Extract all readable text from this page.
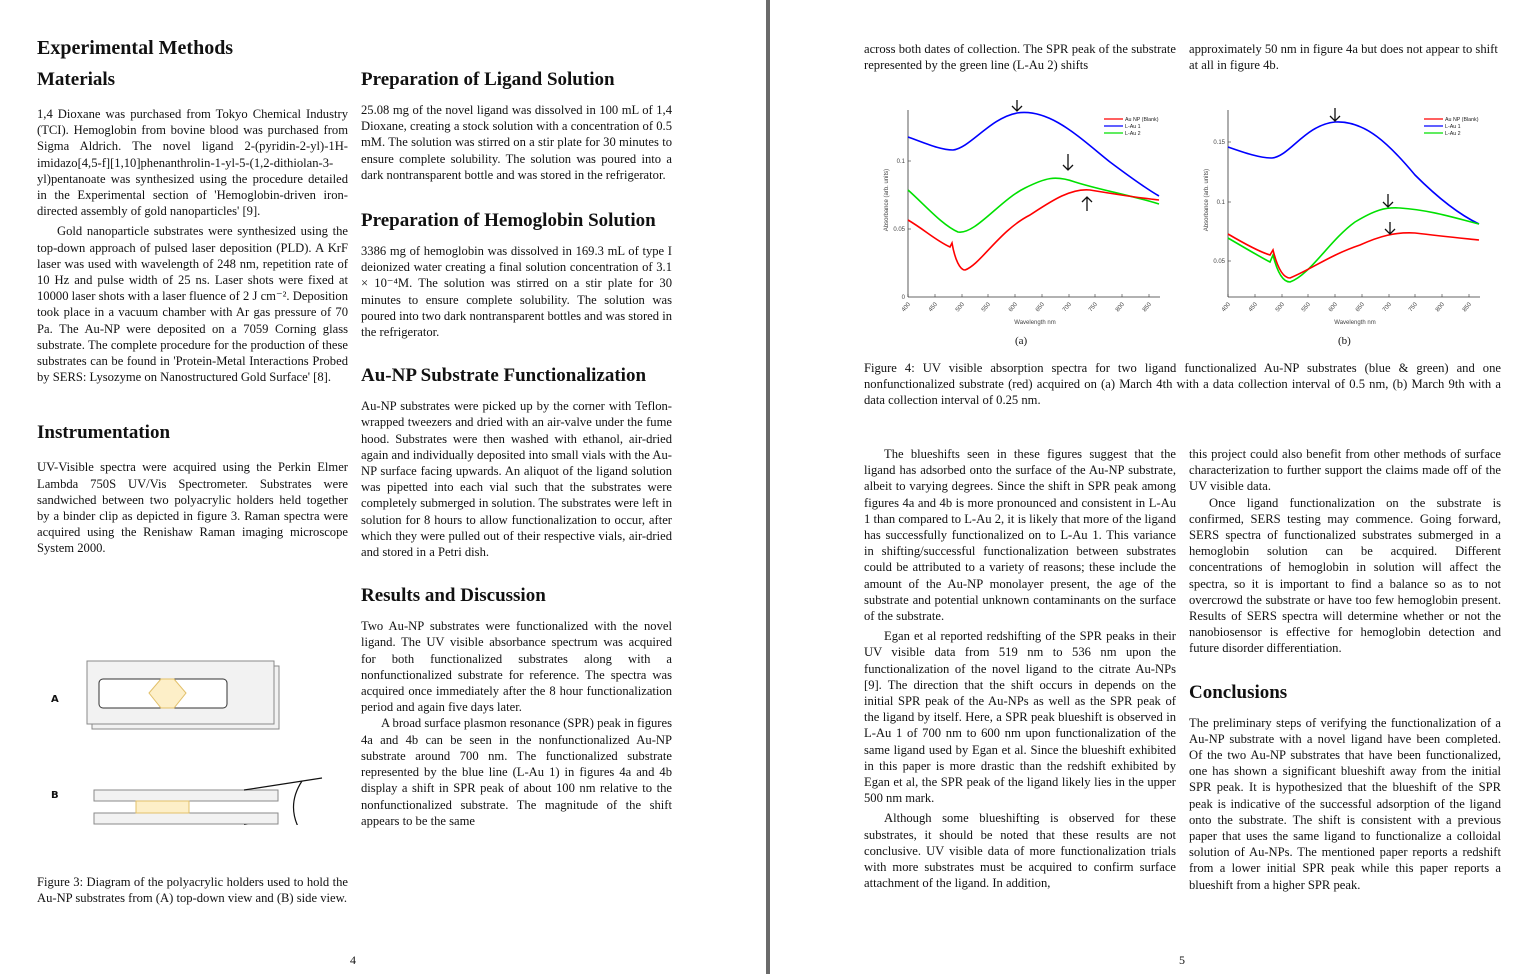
Experimental Methods
Materials

1,4 Dioxane was purchased from Tokyo Chemical Industry (TCI). Hemoglobin from bovine blood was purchased from Sigma Aldrich. The novel ligand 2-(pyridin-2-yl)-1H-imidazo[4,5-f][1,10]phenanthrolin-1-yl-5-(1,2-dithiolan-3-yl)pentanoate was synthesized using the procedure detailed in the Experimental section of 'Hemoglobin-driven iron-directed assembly of gold nanoparticles' [9].

Gold nanoparticle substrates were synthesized using the top-down approach of pulsed laser deposition (PLD). A KrF laser was used with wavelength of 248 nm, repetition rate of 10 Hz and pulse width of 25 ns. Laser shots were fixed at 10000 laser shots with a laser fluence of 2 J cm⁻². Deposition took place in a vacuum chamber with Ar gas pressure of 70 Pa. The Au-NP were deposited on a 7059 Corning glass substrate. The complete procedure for the production of these substrates can be found in 'Protein-Metal Interactions Probed by SERS: Lysozyme on Nanostructured Gold Surface' [8].

Instrumentation

UV-Visible spectra were acquired using the Perkin Elmer Lambda 750S UV/Vis Spectrometer. Substrates were sandwiched between two polyacrylic holders held together by a binder clip as depicted in figure 3. Raman spectra were acquired using the Renishaw Raman imaging microscope System 2000.

A
B
Figure 3: Diagram of the polyacrylic holders used to hold the Au-NP substrates from (A) top-down view and (B) side view.
Preparation of Ligand Solution

25.08 mg of the novel ligand was dissolved in 100 mL of 1,4 Dioxane, creating a stock solution with a concentration of 0.5 mM. The solution was stirred on a stir plate for 30 minutes to ensure complete solubility. The solution was poured into a dark nontransparent bottle and was stored in the refrigerator.

Preparation of Hemoglobin Solution

3386 mg of hemoglobin was dissolved in 169.3 mL of type I deionized water creating a final solution concentration of 3.1 × 10⁻⁴M. The solution was stirred on a stir plate for 30 minutes to ensure complete solubility. The solution was poured into two dark nontransparent bottles and was stored in the refrigerator.

Au-NP Substrate Functionalization

Au-NP substrates were picked up by the corner with Teflon-wrapped tweezers and dried with an air-valve under the fume hood. Substrates were then washed with ethanol, air-dried again and individually deposited into small vials with the Au-NP surface facing upwards. An aliquot of the ligand solution was pipetted into each vial such that the substrates were completely submerged in solution. The substrates were left in solution for 8 hours to allow functionalization to occur, after which they were pulled out of their respective vials, air-dried and stored in a Petri dish.

Results and Discussion

Two Au-NP substrates were functionalized with the novel ligand. The UV visible absorbance spectrum was acquired for both functionalized substrates along with a nonfunctionalized substrate for reference. The spectra was acquired once immediately after the 8 hour functionalization period and again five days later.

A broad surface plasmon resonance (SPR) peak in figures 4a and 4b can be seen in the nonfunctionalized Au-NP substrate around 700 nm. The functionalized substrate represented by the blue line (L-Au 1) in figures 4a and 4b display a shift in SPR peak of about 100 nm relative to the nonfunctionalized substrate. The magnitude of the shift appears to be the same

4

across both dates of collection. The SPR peak of the substrate represented by the green line (L-Au 2) shifts

approximately 50 nm in figure 4a but does not appear to shift at all in figure 4b.

Absorbance (arb. units)
0
0.05
0.1
400	450	500 550	600	650	700 750	800	850
Wavelength nm
Au NP (Blank)
L-Au 1
L-Au 2
(a)
Absorbance (arb. units)
0.05
0.1
0.15
400	450	500 550	600	650	700 750	800	850
Wavelength nm
Au NP (Blank)
L-Au 1
L-Au 2
(b)
Figure 4: UV visible absorption spectra for two ligand functionalized Au-NP substrates (blue & green) and one nonfunctionalized substrate (red) acquired on (a) March 4th with a data collection interval of 0.5 nm, (b) March 9th with a data collection interval of 0.25 nm.

The blueshifts seen in these figures suggest that the ligand has adsorbed onto the surface of the Au-NP substrate, albeit to varying degrees. Since the shift in SPR peak among figures 4a and 4b is more pronounced and consistent in L-Au 1 than compared to L-Au 2, it is likely that more of the ligand has successfully functionalized on to L-Au 1. This variance in shifting/successful functionalization between substrates could be attributed to a variety of reasons; these include the amount of the Au-NP monolayer present, the age of the substrate and potential unknown contaminants on the surface of the substrate.

Egan et al reported redshifting of the SPR peaks in their UV visible data from 519 nm to 536 nm upon the functionalization of the novel ligand to the citrate Au-NPs [9]. The direction that the shift occurs in depends on the initial SPR peak of the Au-NPs as well as the SPR peak of the ligand by itself. Here, a SPR peak blueshift is observed in L-Au 1 of 700 nm to 600 nm upon functionalization of the same ligand used by Egan et al. Since the blueshift exhibited in this paper is more drastic than the redshift exhibited by Egan et al, the SPR peak of the ligand likely lies in the upper 500 nm mark.

Although some blueshifting is observed for these substrates, it should be noted that these results are not conclusive. UV visible data of more functionalization trials with more substrates must be acquired to confirm surface attachment of the ligand. In addition,

this project could also benefit from other methods of surface characterization to further support the claims made off of the UV visible data.

Once ligand functionalization on the substrate is confirmed, SERS testing may commence. Going forward, SERS spectra of functionalized substrates submerged in a hemoglobin solution can be acquired. Different concentrations of hemoglobin in solution will affect the spectra, so it is important to find a balance so as to not overcrowd the substrate or have too few hemoglobin present. Results of SERS spectra will determine whether or not the nanobiosensor is effective for hemoglobin detection and future disorder differentiation.

Conclusions

The preliminary steps of verifying the functionalization of a Au-NP substrate with a novel ligand have been completed. Of the two Au-NP substrates that have been functionalized, one has shown a significant blueshift away from the initial SPR peak. It is hypothesized that the blueshift of the SPR peak is indicative of the successful adsorption of the ligand onto the substrate. The shift is consistent with a previous paper that uses the same ligand to functionalize a colloidal solution of Au-NPs. The mentioned paper reports a redshift from a lower initial SPR peak while this paper reports a blueshift from a higher SPR peak.

5
